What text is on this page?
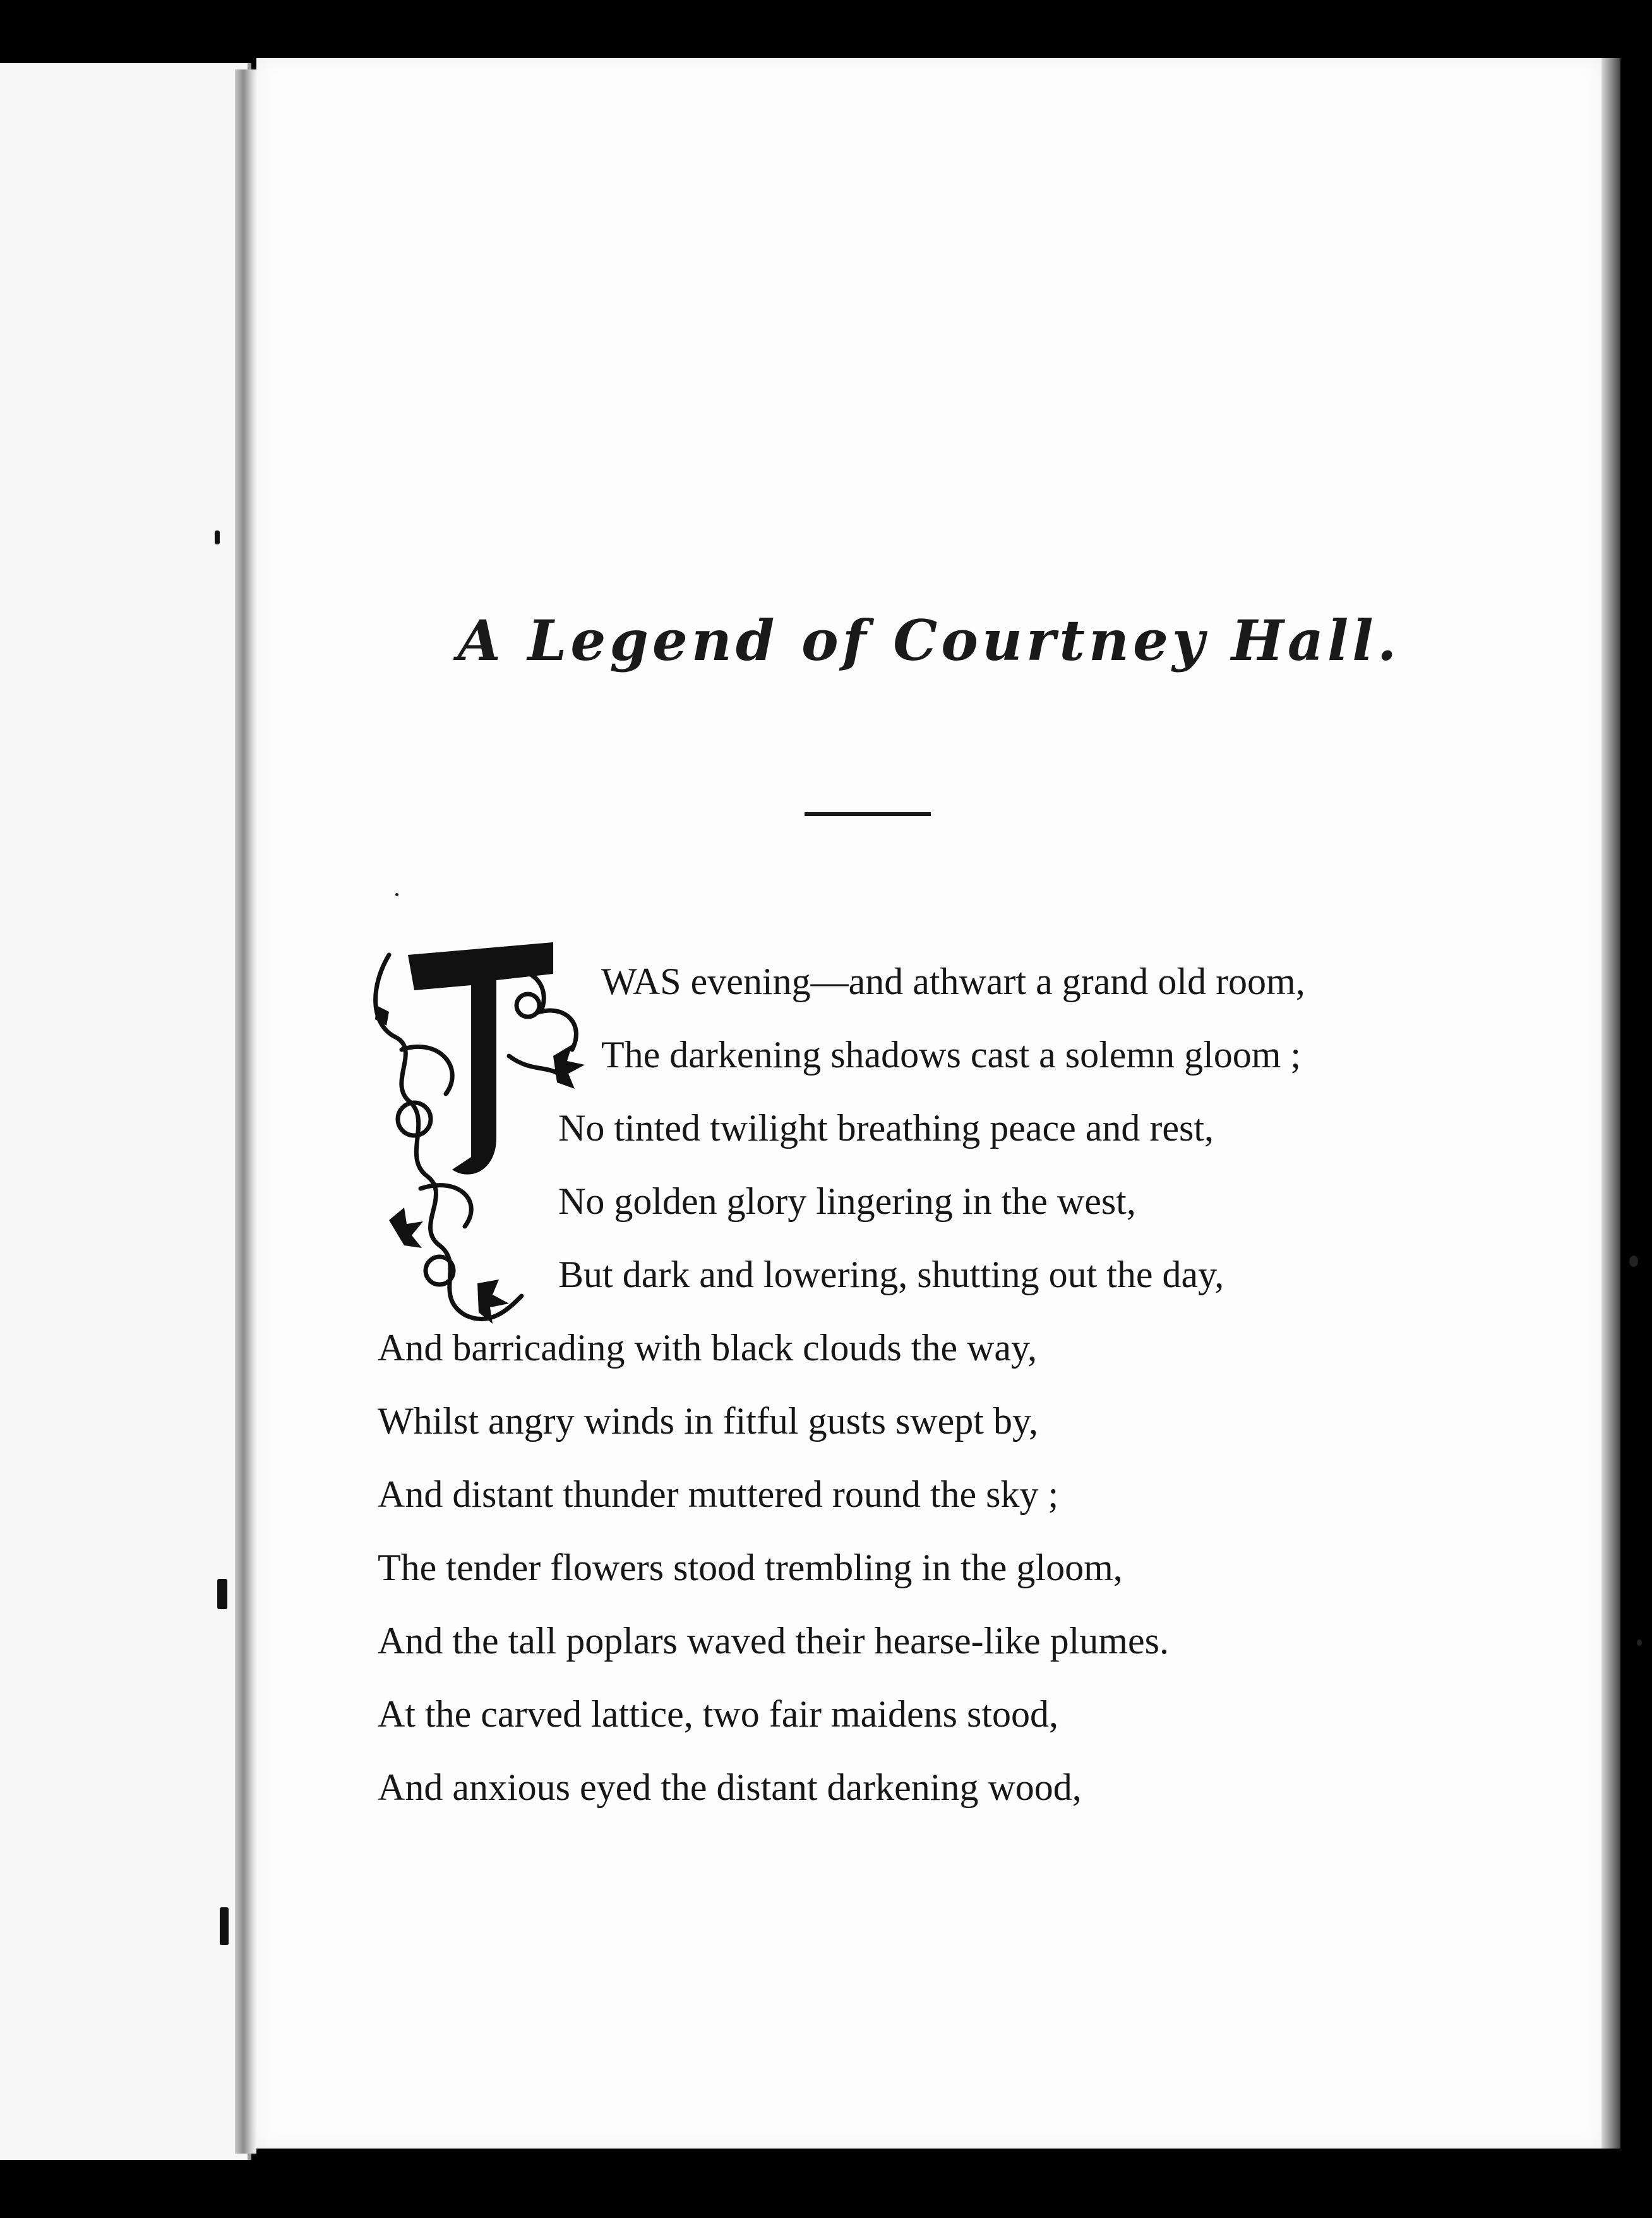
A Legend of Courtney Hall.
WAS evening—and athwart a grand old room,
The darkening shadows cast a solemn gloom ;
No tinted twilight breathing peace and rest,
No golden glory lingering in the west,
But dark and lowering, shutting out the day,
And barricading with black clouds the way,
Whilst angry winds in fitful gusts swept by,
And distant thunder muttered round the sky ;
The tender flowers stood trembling in the gloom,
And the tall poplars waved their hearse-like plumes.
At the carved lattice, two fair maidens stood,
And anxious eyed the distant darkening wood,
